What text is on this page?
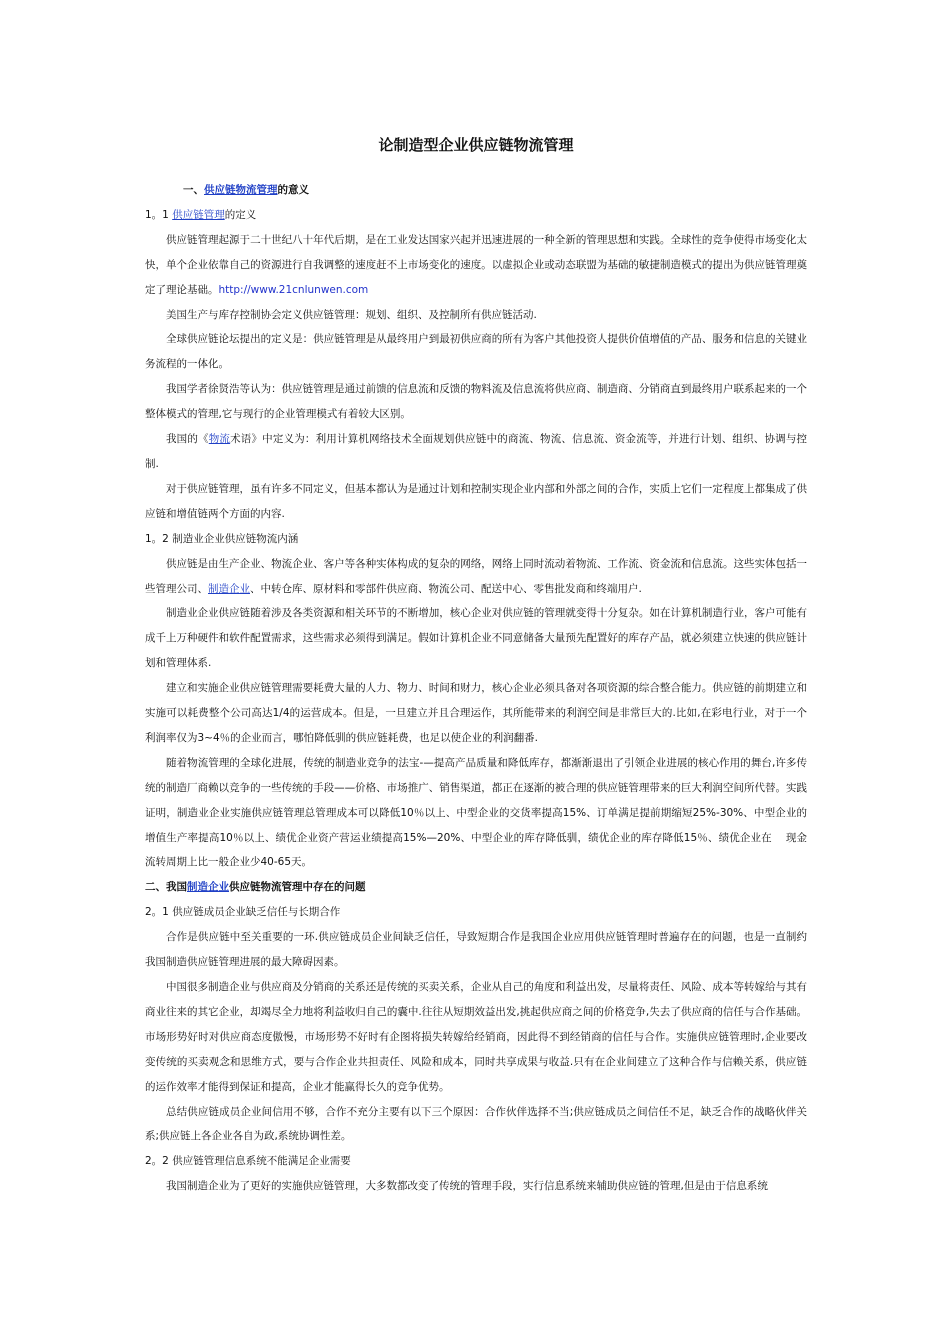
论制造型企业供应链物流管理
一、供应链物流管理的意义
1。1 供应链管理的定义

供应链管理起源于二十世纪八十年代后期，是在工业发达国家兴起并迅速进展的一种全新的管理思想和实践。全球性的竞争使得市场变化太快，单个企业依靠自己的资源进行自我调整的速度赶不上市场变化的速度。以虚拟企业或动态联盟为基础的敏捷制造模式的提出为供应链管理奠定了理论基础。http://www.21cnlunwen.com

美国生产与库存控制协会定义供应链管理：规划、组织、及控制所有供应链活动.

全球供应链论坛提出的定义是：供应链管理是从最终用户到最初供应商的所有为客户其他投资人提供价值增值的产品、服务和信息的关键业务流程的一体化。

我国学者徐贤浩等认为：供应链管理是通过前馈的信息流和反馈的物料流及信息流将供应商、制造商、分销商直到最终用户联系起来的一个整体模式的管理,它与现行的企业管理模式有着较大区别。

我国的《物流术语》中定义为：利用计算机网络技术全面规划供应链中的商流、物流、信息流、资金流等，并进行计划、组织、协调与控制.

对于供应链管理，虽有许多不同定义，但基本都认为是通过计划和控制实现企业内部和外部之间的合作，实质上它们一定程度上都集成了供应链和增值链两个方面的内容.

1。2 制造业企业供应链物流内涵

供应链是由生产企业、物流企业、客户等各种实体构成的复杂的网络，网络上同时流动着物流、工作流、资金流和信息流。这些实体包括一些管理公司、制造企业、中转仓库、原材料和零部件供应商、物流公司、配送中心、零售批发商和终端用户.

制造业企业供应链随着涉及各类资源和相关环节的不断增加，核心企业对供应链的管理就变得十分复杂。如在计算机制造行业，客户可能有成千上万种硬件和软件配置需求，这些需求必须得到满足。假如计算机企业不同意储备大量预先配置好的库存产品，就必须建立快速的供应链计划和管理体系.

建立和实施企业供应链管理需要耗费大量的人力、物力、时间和财力，核心企业必须具备对各项资源的综合整合能力。供应链的前期建立和实施可以耗费整个公司高达1/4的运营成本。但是，一旦建立并且合理运作，其所能带来的利润空间是非常巨大的.比如,在彩电行业，对于一个利润率仅为3~4％的企业而言，哪怕降低驯的供应链耗费，也足以使企业的利润翻番.

随着物流管理的全球化进展，传统的制造业竞争的法宝-—提高产品质量和降低库存，都渐渐退出了引领企业进展的核心作用的舞台,许多传统的制造厂商赖以竞争的一些传统的手段——价格、市场推广、销售渠道，都正在逐渐的被合理的供应链管理带来的巨大利润空间所代替。实践证明，制造业企业实施供应链管理总管理成本可以降低10％以上、中型企业的交货率提高15%、订单满足提前期缩短25%-30%、中型企业的增值生产率提高10％以上、绩优企业资产营运业绩提高15%—20%、中型企业的库存降低驯，绩优企业的库存降低15％、绩优企业在　 现金流转周期上比一般企业少40-65天。

二、我国制造企业供应链物流管理中存在的问题
2。1 供应链成员企业缺乏信任与长期合作

合作是供应链中至关重要的一环.供应链成员企业间缺乏信任，导致短期合作是我国企业应用供应链管理时普遍存在的问题，也是一直制约我国制造供应链管理进展的最大障碍因素。

中国很多制造企业与供应商及分销商的关系还是传统的买卖关系，企业从自己的角度和利益出发，尽量将责任、风险、成本等转嫁给与其有商业往来的其它企业，却竭尽全力地将利益收归自己的囊中.往往从短期效益出发,挑起供应商之间的价格竞争,失去了供应商的信任与合作基础。市场形势好时对供应商态度傲慢，市场形势不好时有企图将损失转嫁给经销商，因此得不到经销商的信任与合作。实施供应链管理时,企业要改变传统的买卖观念和思维方式，要与合作企业共担责任、风险和成本，同时共享成果与收益.只有在企业间建立了这种合作与信赖关系，供应链的运作效率才能得到保证和提高，企业才能赢得长久的竞争优势。

总结供应链成员企业间信用不够，合作不充分主要有以下三个原因：合作伙伴选择不当;供应链成员之间信任不足，缺乏合作的战略伙伴关系;供应链上各企业各自为政,系统协调性差。

2。2 供应链管理信息系统不能满足企业需要

我国制造企业为了更好的实施供应链管理，大多数都改变了传统的管理手段，实行信息系统来辅助供应链的管理,但是由于信息系统
